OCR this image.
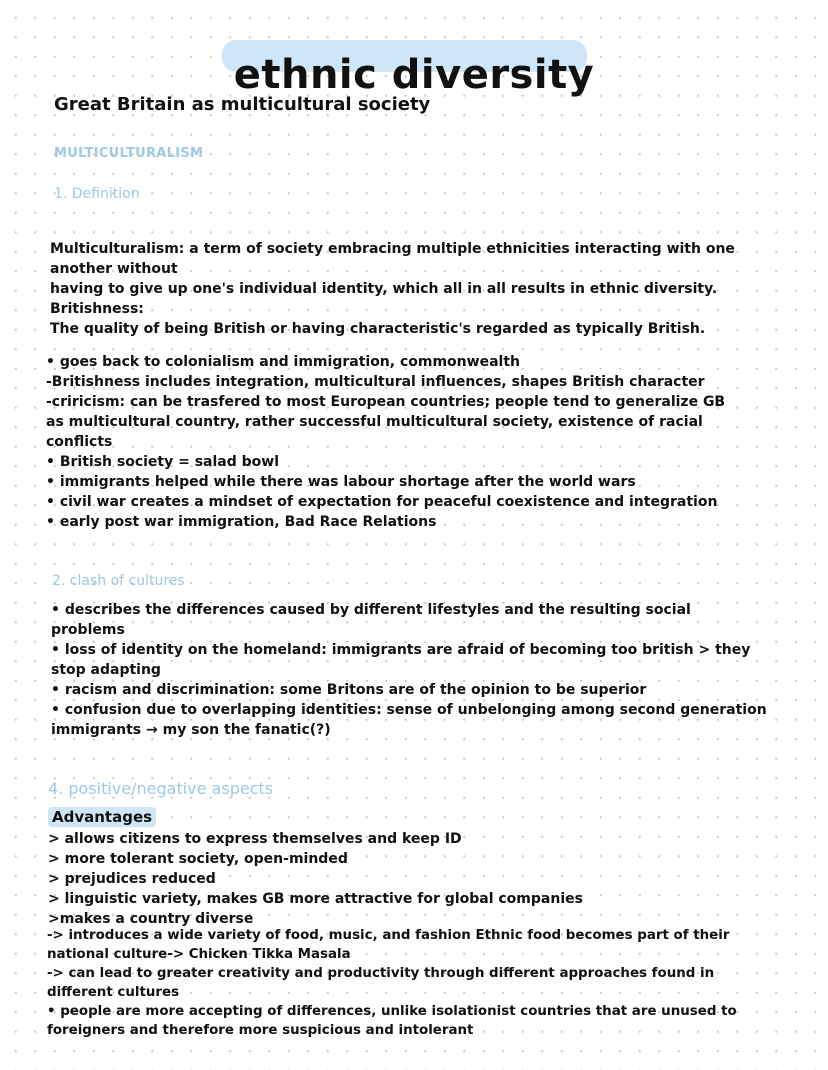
ethnic diversity
Great Britain as multicultural society
MULTICULTURALISM
1. Definition
Multiculturalism: a term of society embracing multiple ethnicities interacting with one
another without
having to give up one's individual identity, which all in all results in ethnic diversity.
Britishness:
The quality of being British or having characteristic's regarded as typically British.
• goes back to colonialism and immigration, commonwealth
-Britishness includes integration, multicultural influences, shapes British character
-criricism: can be trasfered to most European countries; people tend to generalize GB
as multicultural country, rather successful multicultural society, existence of racial
conflicts
• British society = salad bowl
• immigrants helped while there was labour shortage after the world wars
• civil war creates a mindset of expectation for peaceful coexistence and integration
• early post war immigration, Bad Race Relations
2. clash of cultures
• describes the differences caused by different lifestyles and the resulting social
problems
• loss of identity on the homeland: immigrants are afraid of becoming too british > they
stop adapting
• racism and discrimination: some Britons are of the opinion to be superior
• confusion due to overlapping identities: sense of unbelonging among second generation
immigrants → my son the fanatic(?)
4. positive/negative aspects
Advantages
> allows citizens to express themselves and keep ID
> more tolerant society, open-minded
> prejudices reduced
> linguistic variety, makes GB more attractive for global companies
>makes a country diverse
-> introduces a wide variety of food, music, and fashion Ethnic food becomes part of their
national culture-> Chicken Tikka Masala
-> can lead to greater creativity and productivity through different approaches found in
different cultures
• people are more accepting of differences, unlike isolationist countries that are unused to
foreigners and therefore more suspicious and intolerant
